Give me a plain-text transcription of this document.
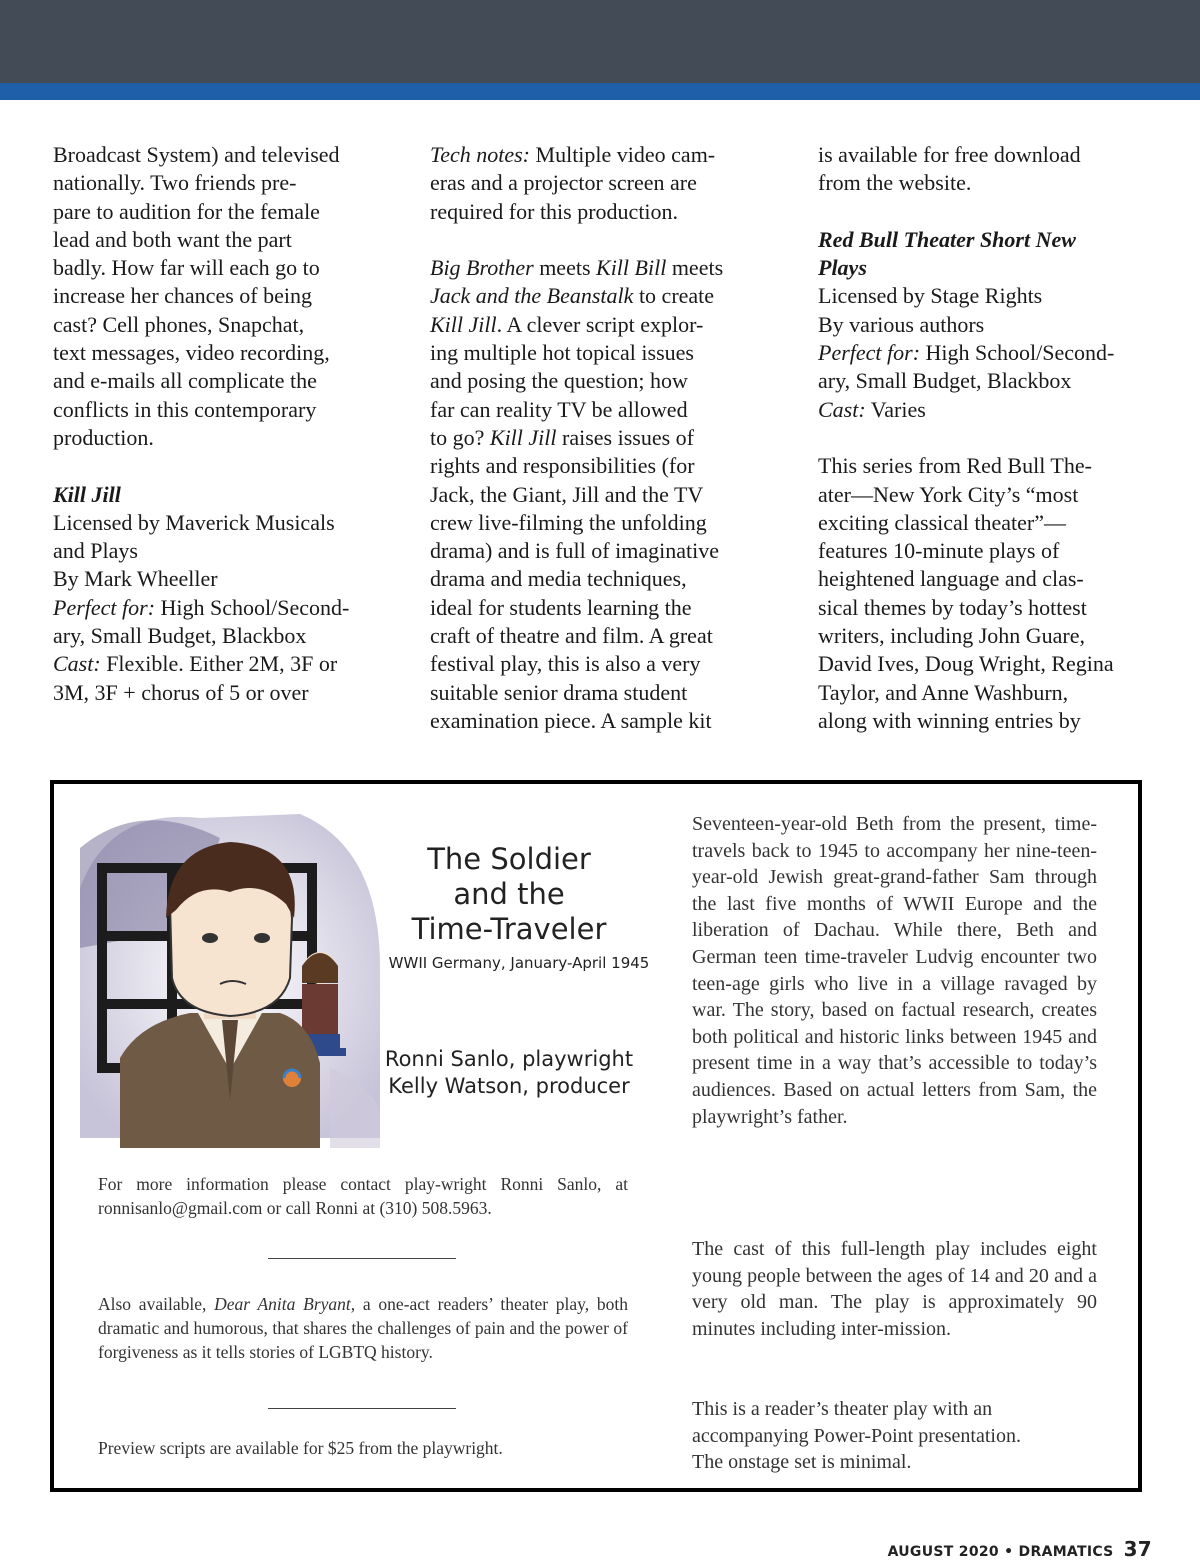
Broadcast System) and televised

nationally. Two friends pre-

pare to audition for the female

lead and both want the part

badly. How far will each go to

increase her chances of being

cast? Cell phones, Snapchat,

text messages, video recording,

and e-mails all complicate the

conflicts in this contemporary

production.

Kill Jill

Licensed by Maverick Musicals

and Plays

By Mark Wheeller

Perfect for: High School/Second-

ary, Small Budget, Blackbox

Cast: Flexible. Either 2M, 3F or

3M, 3F + chorus of 5 or over

Tech notes: Multiple video cam-

eras and a projector screen are

required for this production.

Big Brother meets Kill Bill meets

Jack and the Beanstalk to create

Kill Jill. A clever script explor-

ing multiple hot topical issues

and posing the question; how

far can reality TV be allowed

to go? Kill Jill raises issues of

rights and responsibilities (for

Jack, the Giant, Jill and the TV

crew live-filming the unfolding

drama) and is full of imaginative

drama and media techniques,

ideal for students learning the

craft of theatre and film. A great

festival play, this is also a very

suitable senior drama student

examination piece. A sample kit

is available for free download

from the website.

Red Bull Theater Short New

Plays

Licensed by Stage Rights

By various authors

Perfect for: High School/Second-

ary, Small Budget, Blackbox

Cast: Varies

This series from Red Bull The-

ater—New York City’s “most

exciting classical theater”—

features 10-minute plays of

heightened language and clas-

sical themes by today’s hottest

writers, including John Guare,

David Ives, Doug Wright, Regina

Taylor, and Anne Washburn,

along with winning entries by

The Soldier
and the
Time-Traveler
WWII Germany, January-April 1945
Ronni Sanlo, playwright
Kelly Watson, producer
For more information please contact play-wright Ronni Sanlo, at ronnisanlo@gmail.com or call Ronni at (310) 508.5963.
Also available, Dear Anita Bryant, a one-act readers’ theater play, both dramatic and humorous, that shares the challenges of pain and the power of forgiveness as it tells stories of LGBTQ history.
Preview scripts are available for $25 from the playwright.
Seventeen-year-old Beth from the present, time-travels back to 1945 to accompany her nine-teen-year-old Jewish great-grand-father Sam through the last five months of WWII Europe and the liberation of Dachau. While there, Beth and German teen time-traveler Ludvig encounter two teen-age girls who live in a village ravaged by war. The story, based on factual research, creates both political and historic links between 1945 and present time in a way that’s accessible to today’s audiences. Based on actual letters from Sam, the playwright’s father.
The cast of this full-length play includes eight young people between the ages of 14 and 20 and a very old man. The play is approximately 90 minutes including inter-mission.
This is a reader’s theater play with an
accompanying Power-Point presentation.
The onstage set is minimal.
AUGUST 2020 • DRAMATICS 37
